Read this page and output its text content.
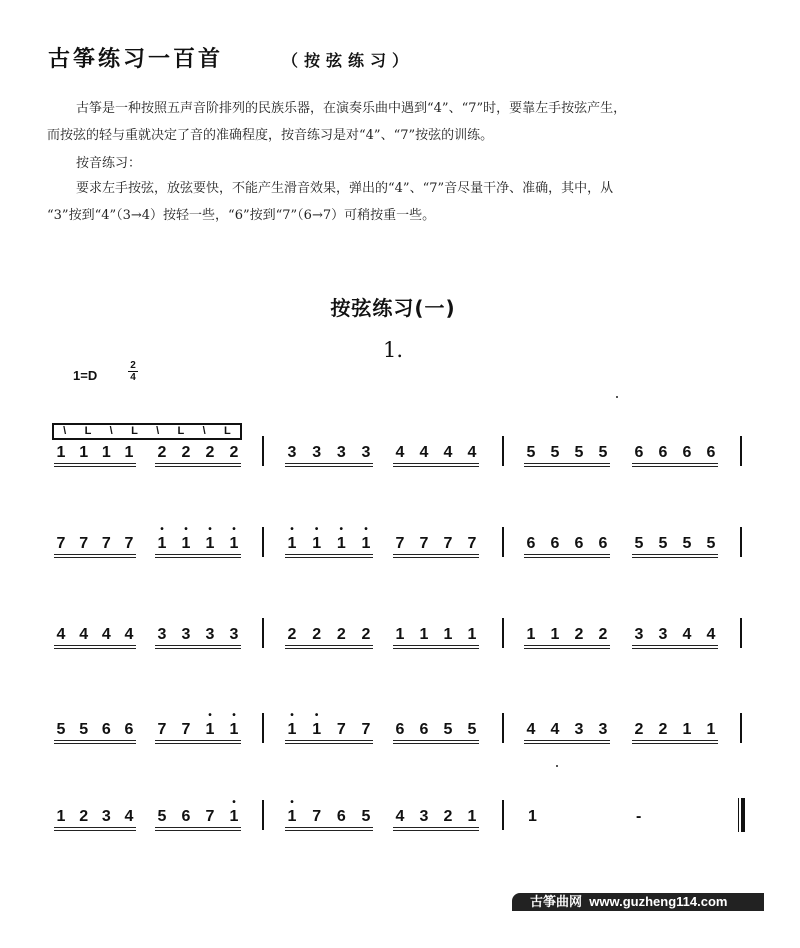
古筝练习一百首	（按弦练习）
古筝是一种按照五声音阶排列的民族乐器，在演奏乐曲中遇到“4”、“7”时，要靠左手按弦产生，
而按弦的轻与重就决定了音的准确程度，按音练习是对“4”、“7”按弦的训练。
按音练习：
要求左手按弦，放弦要快，不能产生滑音效果，弹出的“4”、“7”音尽量干净、准确，其中，从
“3”按到“4”（3→4）按轻一些，“6”按到“7”（6→7）可稍按重一些。
按弦练习(一)
1.
1=D
2
4
\ L \ L \ L \ L
1 1 1 1 2 2 2 2	3 3 3 3 4 4 4 4	5 5 5 5 6 6 6 6
7 7 7 7 • 1 • 1 • 1 • 1	• 1 • 1 • 1 • 1 7 7 7 7	6 6 6 6 5 5 5 5
4 4 4 4 3 3 3 3	2 2 2 2 1 1 1 1	1 1 2 2 3 3 4 4
5 5 6 6 7 7 • 1 • 1	• 1 • 1 7 7 6 6 5 5	4 4 3 3 2 2 1 1
1 2 3 4 5 6 7 • 1	• 1 7 6 5 4 3 2 1	1	-
古筝曲网 www.guzheng114.com
